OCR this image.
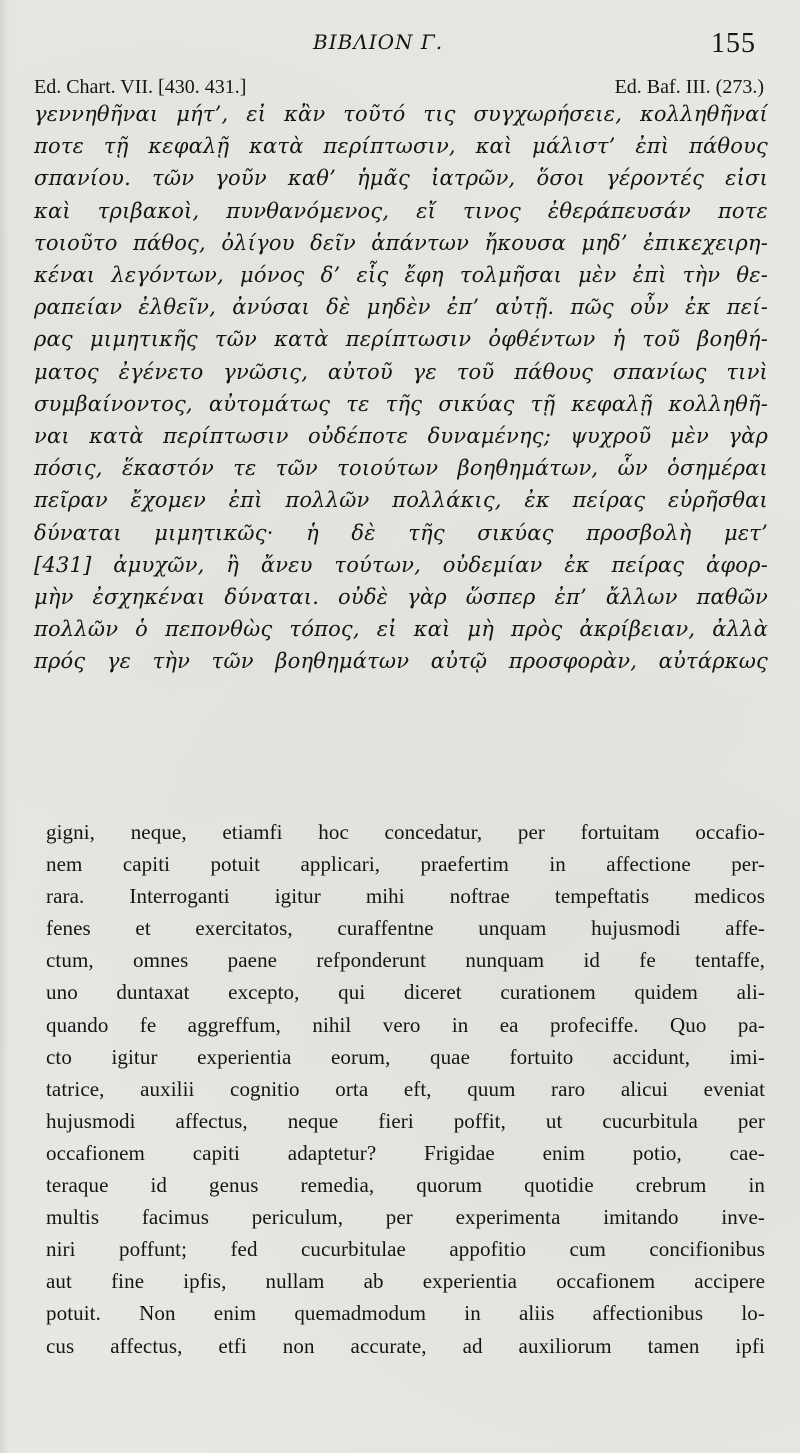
ΒΙΒΛΙΟΝ Γ.	155
Ed. Chart. VII. [430. 431.]	Ed. Baf. III. (273.)
γεννηθῆναι μήτ’, εἰ κἂν τοῦτό τις συγχωρήσειε, κολληθῆναί
ποτε τῇ κεφαλῇ κατὰ περίπτωσιν, καὶ μάλιστ’ ἐπὶ πάθους
σπανίου. τῶν γοῦν καθ’ ἡμᾶς ἰατρῶν, ὅσοι γέροντές εἰσι
καὶ τριβακοὶ, πυνθανόμενος, εἴ τινος ἐθεράπευσάν ποτε
τοιοῦτο πάθος, ὀλίγου δεῖν ἁπάντων ἤκουσα μηδ’ ἐπικεχειρη-
κέναι λεγόντων, μόνος δ’ εἷς ἔφη τολμῆσαι μὲν ἐπὶ τὴν θε-
ραπείαν ἐλθεῖν, ἀνύσαι δὲ μηδὲν ἐπ’ αὐτῇ. πῶς οὖν ἐκ πεί-
ρας μιμητικῆς τῶν κατὰ περίπτωσιν ὀφθέντων ἡ τοῦ βοηθή-
ματος ἐγένετο γνῶσις, αὐτοῦ γε τοῦ πάθους σπανίως τινὶ
συμβαίνοντος, αὐτομάτως τε τῆς σικύας τῇ κεφαλῇ κολληθῆ-
ναι κατὰ περίπτωσιν οὐδέποτε δυναμένης; ψυχροῦ μὲν γὰρ
πόσις, ἕκαστόν τε τῶν τοιούτων βοηθημάτων, ὧν ὁσημέραι
πεῖραν ἔχομεν ἐπὶ πολλῶν πολλάκις, ἐκ πείρας εὑρῆσθαι
δύναται μιμητικῶς· ἡ δὲ τῆς σικύας προσβολὴ μετ’
[431] ἀμυχῶν, ἢ ἄνευ τούτων, οὐδεμίαν ἐκ πείρας ἀφορ-
μὴν ἐσχηκέναι δύναται. οὐδὲ γὰρ ὥσπερ ἐπ’ ἄλλων παθῶν
πολλῶν ὁ πεπονθὼς τόπος, εἰ καὶ μὴ πρὸς ἀκρίβειαν, ἀλλὰ
πρός γε τὴν τῶν βοηθημάτων αὐτῷ προσφορὰν, αὐτάρκως
gigni, neque, etiamfi hoc concedatur, per fortuitam occafio-
nem capiti potuit applicari, praefertim in affectione per-
rara. Interroganti igitur mihi noftrae tempeftatis medicos
fenes et exercitatos, curaffentne unquam hujusmodi affe-
ctum, omnes paene refponderunt nunquam id fe tentaffe,
uno duntaxat excepto, qui diceret curationem quidem ali-
quando fe aggreffum, nihil vero in ea profeciffe. Quo pa-
cto igitur experientia eorum, quae fortuito accidunt, imi-
tatrice, auxilii cognitio orta eft, quum raro alicui eveniat
hujusmodi affectus, neque fieri poffit, ut cucurbitula per
occafionem capiti adaptetur? Frigidae enim potio, cae-
teraque id genus remedia, quorum quotidie crebrum in
multis facimus periculum, per experimenta imitando inve-
niri poffunt; fed cucurbitulae appofitio cum concifionibus
aut fine ipfis, nullam ab experientia occafionem accipere
potuit. Non enim quemadmodum in aliis affectionibus lo-
cus affectus, etfi non accurate, ad auxiliorum tamen ipfi
